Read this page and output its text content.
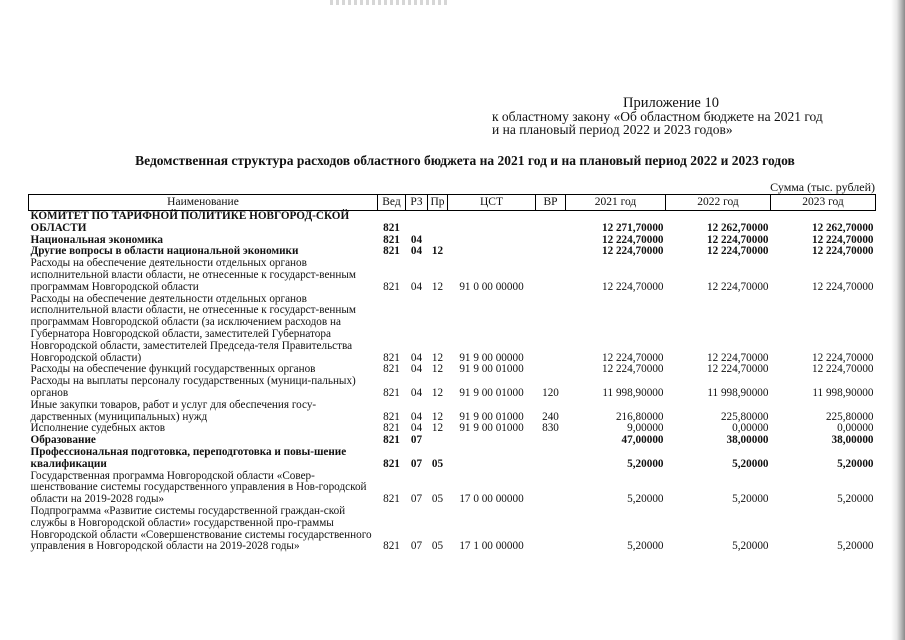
Приложение 10
к областному закону «Об областном бюджете на 2021 год
и на плановый период 2022 и 2023 годов»
Ведомственная структура расходов областного бюджета на 2021 год и на плановый период 2022 и 2023 годов
Сумма (тыс. рублей)
Наименование	Вед	РЗ	Пр	ЦСТ	ВР	2021 год	2022 год	2023 год
КОМИТЕТ ПО ТАРИФНОЙ ПОЛИТИКЕ НОВГОРОД-СКОЙ ОБЛАСТИ	821					12 271,70000	12 262,70000	12 262,70000
Национальная экономика	821	04				12 224,70000	12 224,70000	12 224,70000
Другие вопросы в области национальной экономики	821	04	12			12 224,70000	12 224,70000	12 224,70000
Расходы на обеспечение деятельности отдельных органов исполнительной власти области, не отнесенные к государст-венным программам Новгородской области	821	04	12	91 0 00 00000		12 224,70000	12 224,70000	12 224,70000
Расходы на обеспечение деятельности отдельных органов исполнительной власти области, не отнесенные к государст-венным программам Новгородской области (за исключением расходов на Губернатора Новгородской области, заместителей Губернатора Новгородской области, заместителей Председа-теля Правительства Новгородской области)	821	04	12	91 9 00 00000		12 224,70000	12 224,70000	12 224,70000
Расходы на обеспечение функций государственных органов	821	04	12	91 9 00 01000		12 224,70000	12 224,70000	12 224,70000
Расходы на выплаты персоналу государственных (муници-пальных) органов	821	04	12	91 9 00 01000	120	11 998,90000	11 998,90000	11 998,90000
Иные закупки товаров, работ и услуг для обеспечения госу-дарственных (муниципальных) нужд	821	04	12	91 9 00 01000	240	216,80000	225,80000	225,80000
Исполнение судебных актов	821	04	12	91 9 00 01000	830	9,00000	0,00000	0,00000
Образование	821	07				47,00000	38,00000	38,00000
Профессиональная подготовка, переподготовка и повы-шение квалификации	821	07	05			5,20000	5,20000	5,20000
Государственная программа Новгородской области «Совер-шенствование системы государственного управления в Нов-городской области на 2019-2028 годы»	821	07	05	17 0 00 00000		5,20000	5,20000	5,20000
Подпрограмма «Развитие системы государственной граждан-ской службы в Новгородской области» государственной про-граммы Новгородской области «Совершенствование системы государственного управления в Новгородской области на 2019-2028 годы»	821	07	05	17 1 00 00000		5,20000	5,20000	5,20000
